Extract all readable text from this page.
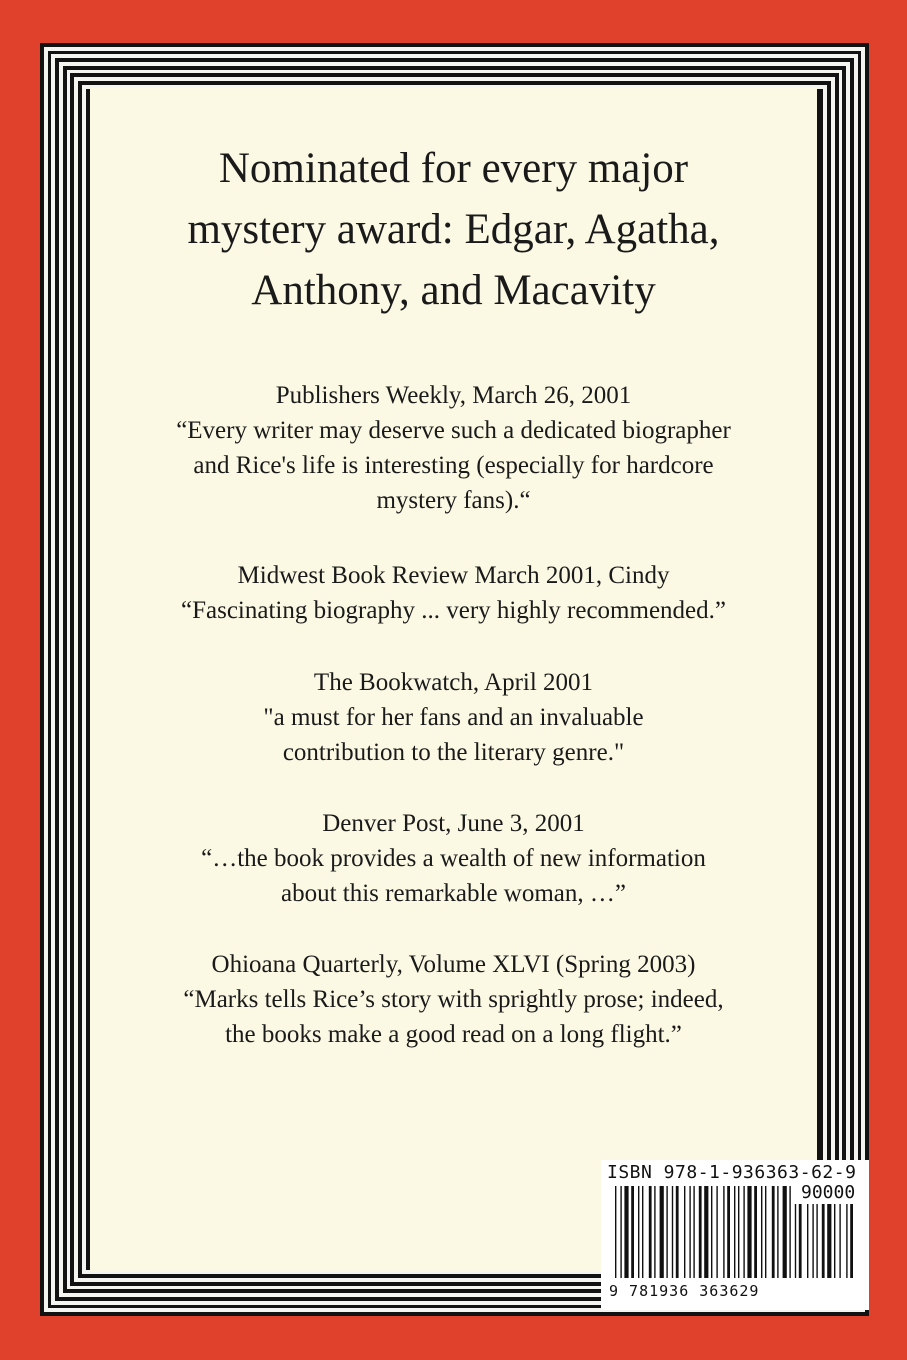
Nominated for every major
mystery award: Edgar, Agatha,
Anthony, and Macavity
Publishers Weekly, March 26, 2001
“Every writer may deserve such a dedicated biographer
and Rice's life is interesting (especially for hardcore
mystery fans).“
Midwest Book Review March 2001, Cindy
“Fascinating biography ... very highly recommended.”
The Bookwatch, April 2001
"a must for her fans and an invaluable
contribution to the literary genre."
Denver Post, June 3, 2001
“…the book provides a wealth of new information
about this remarkable woman, …”
Ohioana Quarterly, Volume XLVI (Spring 2003)
“Marks tells Rice’s story with sprightly prose; indeed,
the books make a good read on a long flight.”
ISBN 978-1-936363-62-9
90000
9 781936 363629
